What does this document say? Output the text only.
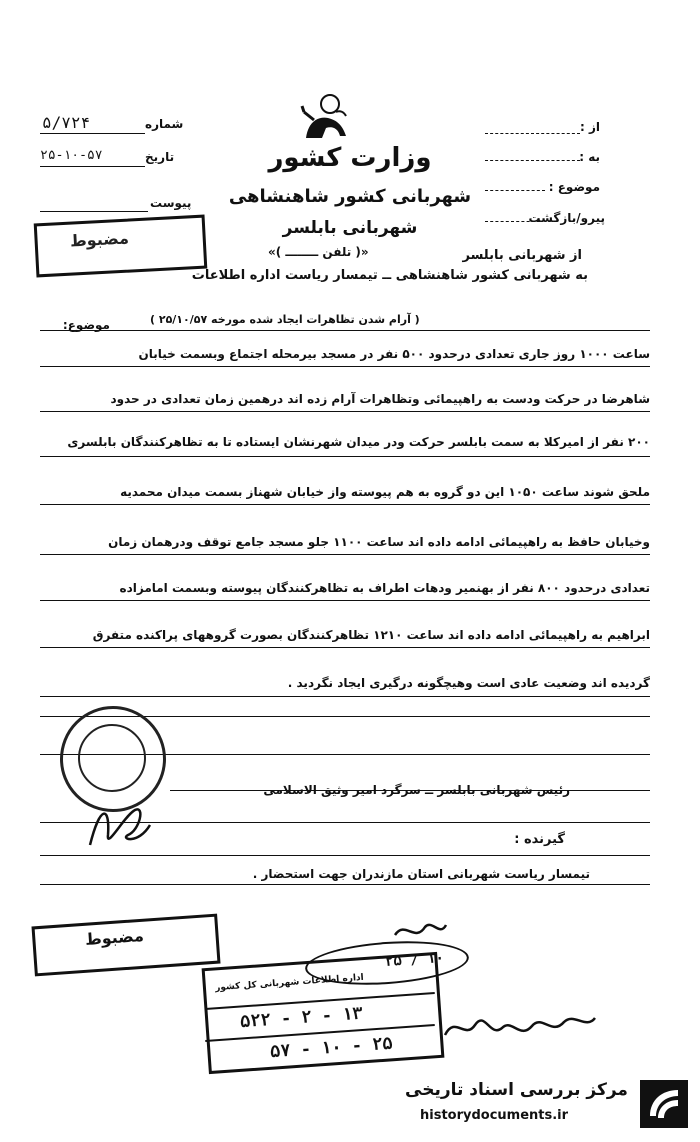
وزارت کشور
شهربانی کشور شاهنشاهی
شهربانی بابلسر
«( تلفن ــــــــ )»
شماره
۵/۷۲۴
تاریخ
۲۵-۱۰-۵۷
پیوست
مضبوط
از :
به :
موضوع :
پیرو/بازگشت
از شهربانی بابلسر
به شهربانی کشور شاهنشاهی ــ تیمسار ریاست اداره اطلاعات
موضوع:	( آرام شدن تظاهرات ایجاد شده مورخه ۲۵/۱۰/۵۷ )
ساعت ۱۰۰۰ روز جاری تعدادی درحدود ۵۰۰ نفر در مسجد بیرمحله اجتماع وبسمت خیابان
شاهرضا در حرکت ودست به راهپیمائی وتظاهرات آرام زده اند درهمین زمان تعدادی در حدود
۲۰۰ نفر از امیرکلا به سمت بابلسر حرکت ودر میدان شهرنشان ایستاده تا به تظاهرکنندگان بابلسری
ملحق شوند ساعت ۱۰۵۰ این دو گروه به هم پیوسته واز خیابان شهناز بسمت میدان محمدیه
وخیابان حافظ به راهپیمائی ادامه داده اند ساعت ۱۱۰۰ جلو مسجد جامع توقف ودرهمان زمان
تعدادی درحدود ۸۰۰ نفر از بهنمیر ودهات اطراف به تظاهرکنندگان پیوسته وبسمت امامزاده
ابراهیم به راهپیمائی ادامه داده اند ساعت ۱۲۱۰ تظاهرکنندگان بصورت گروههای پراکنده متفرق
گردیده اند وضعیت عادی است وهیچگونه درگیری ایجاد نگردید .
رئیس شهربانی بابلسر ــ سرگرد امیر وثیق الاسلامی
گیرنده :
تیمسار ریاست شهربانی استان مازندران جهت استحضار .
مضبوط
۲۵ / ۱۰
اداره اطلاعات شهربانی کل کشور
۵۲۲ - ۲ - ۱۳
۵۷ - ۱۰ - ۲۵
مرکز بررسی اسناد تاریخی
historydocuments.ir
